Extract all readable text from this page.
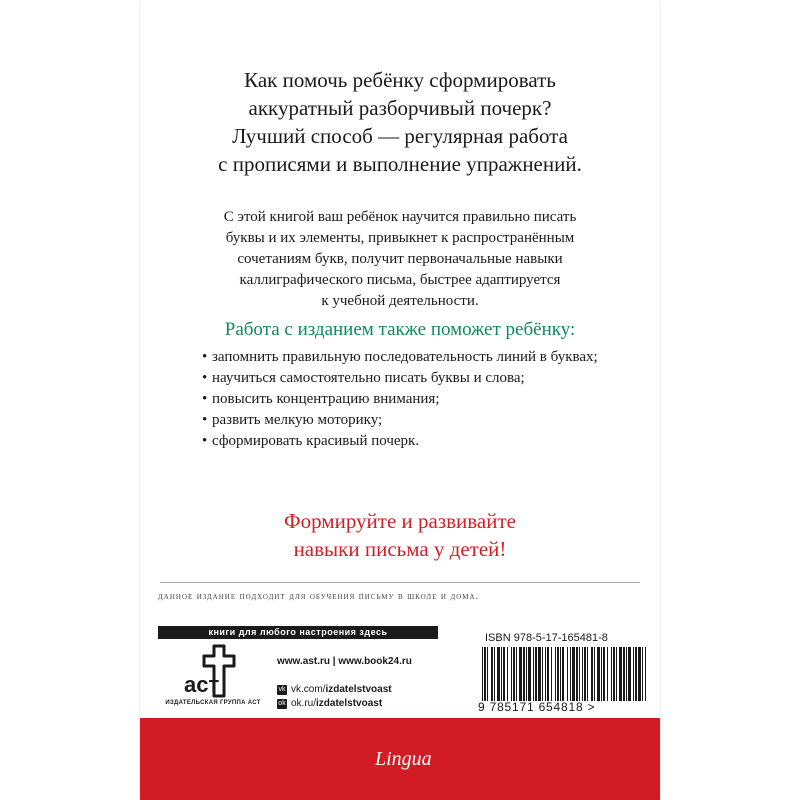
Как помочь ребёнку сформировать
аккуратный разборчивый почерк?
Лучший способ — регулярная работа
с прописями и выполнение упражнений.
С этой книгой ваш ребёнок научится правильно писать
буквы и их элементы, привыкнет к распространённым
сочетаниям букв, получит первоначальные навыки
каллиграфического письма, быстрее адаптируется
к учебной деятельности.
Работа с изданием также поможет ребёнку:
• запомнить правильную последовательность линий в буквах;
• научиться самостоятельно писать буквы и слова;
• повысить концентрацию внимания;
• развить мелкую моторику;
• сформировать красивый почерк.
Формируйте и развивайте
навыки письма у детей!
данное издание подходит для обучения письму в школе и дома.
книги для любого настроения здесь
аст
ИЗДАТЕЛЬСКАЯ ГРУППА АСТ
www.ast.ru | www.book24.ru
vk vk.com/ izdatelstvoast
ok ok.ru/ izdatelstvoast
ISBN 978-5-17-165481-8
9 785171 654818 >
Lingua
